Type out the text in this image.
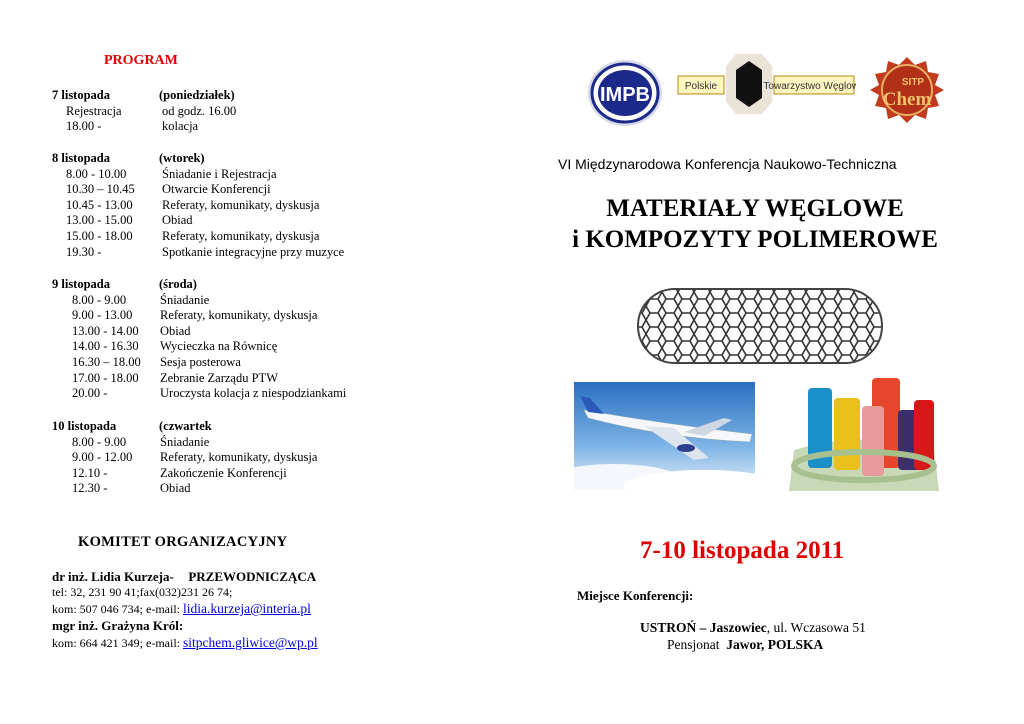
PROGRAM
7 listopada	(poniedziałek)
Rejestracja	od godz. 16.00
18.00 -	kolacja
8 listopada	(wtorek)
8.00 - 10.00	Śniadanie i Rejestracja
10.30 – 10.45 Otwarcie Konferencji
10.45 - 13.00 Referaty, komunikaty, dyskusja
13.00 - 15.00 Obiad
15.00 - 18.00 Referaty, komunikaty, dyskusja
19.30 -	Spotkanie integracyjne przy muzyce
9 listopada	(środa)
8.00 - 9.00	Śniadanie
9.00 - 13.00 Referaty, komunikaty, dyskusja
13.00 - 14.00 Obiad
14.00 - 16.30 Wycieczka na Równicę
16.30 – 18.00 Sesja posterowa
17.00 - 18.00 Zebranie Zarządu PTW
20.00 -	Uroczysta kolacja z niespodziankami
10 listopada	(czwartek
8.00 - 9.00	Śniadanie
9.00 - 12.00 Referaty, komunikaty, dyskusja
12.10 -	Zakończenie Konferencji
12.30 -	Obiad
KOMITET ORGANIZACYJNY
dr inż. Lidia Kurzeja- PRZEWODNICZĄCA
tel: 32, 231 90 41;fax(032)231 26 74;
kom: 507 046 734; e-mail: lidia.kurzeja@interia.pl
mgr inż. Grażyna Król:
kom: 664 421 349; e-mail: sitpchem.gliwice@wp.pl
IMPB	Polskie	Towarzystwo Węglowe	SITP
Chem
VI Międzynarodowa Konferencja Naukowo-Techniczna
MATERIAŁY WĘGLOWE
i KOMPOZYTY POLIMEROWE
7-10 listopada 2011
Miejsce Konferencji:
USTROŃ – Jaszowiec, ul. Wczasowa 51
Pensjonat  Jawor, POLSKA
